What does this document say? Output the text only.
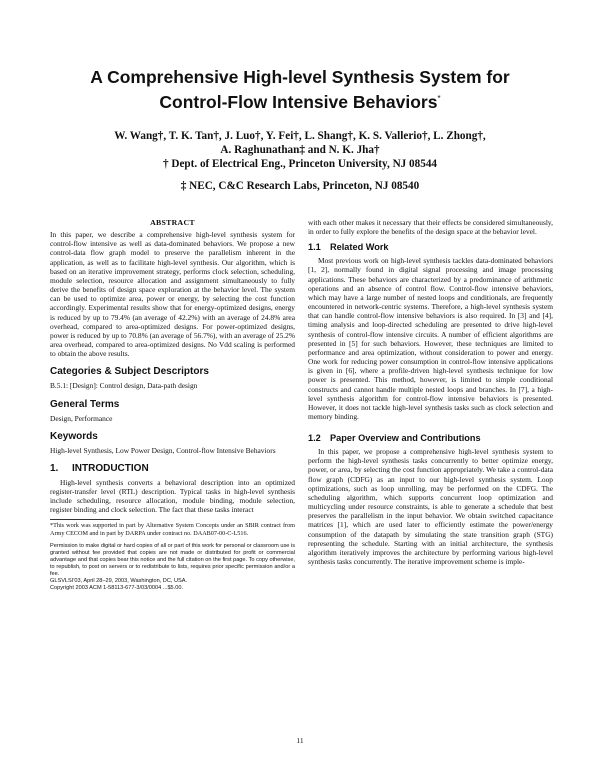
A Comprehensive High-level Synthesis System for
Control-Flow Intensive Behaviors*
W. Wang†, T. K. Tan†, J. Luo†, Y. Fei†, L. Shang†, K. S. Vallerio†, L. Zhong†,
A. Raghunathan‡ and N. K. Jha†
† Dept. of Electrical Eng., Princeton University, NJ 08544
‡ NEC, C&C Research Labs, Princeton, NJ 08540
ABSTRACT

In this paper, we describe a comprehensive high-level synthesis system for control-flow intensive as well as data-dominated behaviors. We propose a new control-data flow graph model to preserve the parallelism inherent in the application, as well as to facilitate high-level synthesis. Our algorithm, which is based on an iterative improvement strategy, performs clock selection, scheduling, module selection, resource allocation and assignment simultaneously to fully derive the benefits of design space exploration at the behavior level. The system can be used to optimize area, power or energy, by selecting the cost function accordingly. Experimental results show that for energy-optimized designs, energy is reduced by up to 79.4% (an average of 42.2%) with an average of 24.8% area overhead, compared to area-optimized designs. For power-optimized designs, power is reduced by up to 70.8% (an average of 56.7%), with an average of 25.2% area overhead, compared to area-optimized designs. No Vdd scaling is performed to obtain the above results.

Categories & Subject Descriptors

B.5.1: [Design]: Control design, Data-path design

General Terms

Design, Performance

Keywords

High-level Synthesis, Low Power Design, Control-flow Intensive Behaviors

1. INTRODUCTION

High-level synthesis converts a behavioral description into an optimized register-transfer level (RTL) description. Typical tasks in high-level synthesis include scheduling, resource allocation, module binding, module selection, register binding and clock selection. The fact that these tasks interact

*This work was supported in part by Alternative System Concepts under an SBIR contract from Army CECOM and in part by DARPA under contract no. DAAB07-00-C-L516.

Permission to make digital or hard copies of all or part of this work for personal or classroom use is granted without fee provided that copies are not made or distributed for profit or commercial advantage and that copies bear this notice and the full citation on the first page. To copy otherwise, to republish, to post on servers or to redistribute to lists, requires prior specific permission and/or a fee.

GLSVLSI'03, April 28–29, 2003, Washington, DC, USA.

Copyright 2003 ACM 1-58113-677-3/03/0004 ...$5.00.

with each other makes it necessary that their effects be considered simultaneously, in order to fully explore the benefits of the design space at the behavior level.

1.1 Related Work

Most previous work on high-level synthesis tackles data-dominated behaviors [1, 2], normally found in digital signal processing and image processing applications. These behaviors are characterized by a predominance of arithmetic operations and an absence of control flow. Control-flow intensive behaviors, which may have a large number of nested loops and conditionals, are frequently encountered in network-centric systems. Therefore, a high-level synthesis system that can handle control-flow intensive behaviors is also required. In [3] and [4], timing analysis and loop-directed scheduling are presented to drive high-level synthesis of control-flow intensive circuits. A number of efficient algorithms are presented in [5] for such behaviors. However, these techniques are limited to performance and area optimization, without consideration to power and energy. One work for reducing power consumption in control-flow intensive applications is given in [6], where a profile-driven high-level synthesis technique for low power is presented. This method, however, is limited to simple conditional constructs and cannot handle multiple nested loops and branches. In [7], a high-level synthesis algorithm for control-flow intensive behaviors is presented. However, it does not tackle high-level synthesis tasks such as clock selection and memory binding.

1.2 Paper Overview and Contributions

In this paper, we propose a comprehensive high-level synthesis system to perform the high-level synthesis tasks concurrently to better optimize energy, power, or area, by selecting the cost function appropriately. We take a control-data flow graph (CDFG) as an input to our high-level synthesis system. Loop optimizations, such as loop unrolling, may be performed on the CDFG. The scheduling algorithm, which supports concurrent loop optimization and multicycling under resource constraints, is able to generate a schedule that best preserves the parallelism in the input behavior. We obtain switched capacitance matrices [1], which are used later to efficiently estimate the power/energy consumption of the datapath by simulating the state transition graph (STG) representing the schedule. Starting with an initial architecture, the synthesis algorithm iteratively improves the architecture by performing various high-level synthesis tasks concurrently. The iterative improvement scheme is imple-

11
